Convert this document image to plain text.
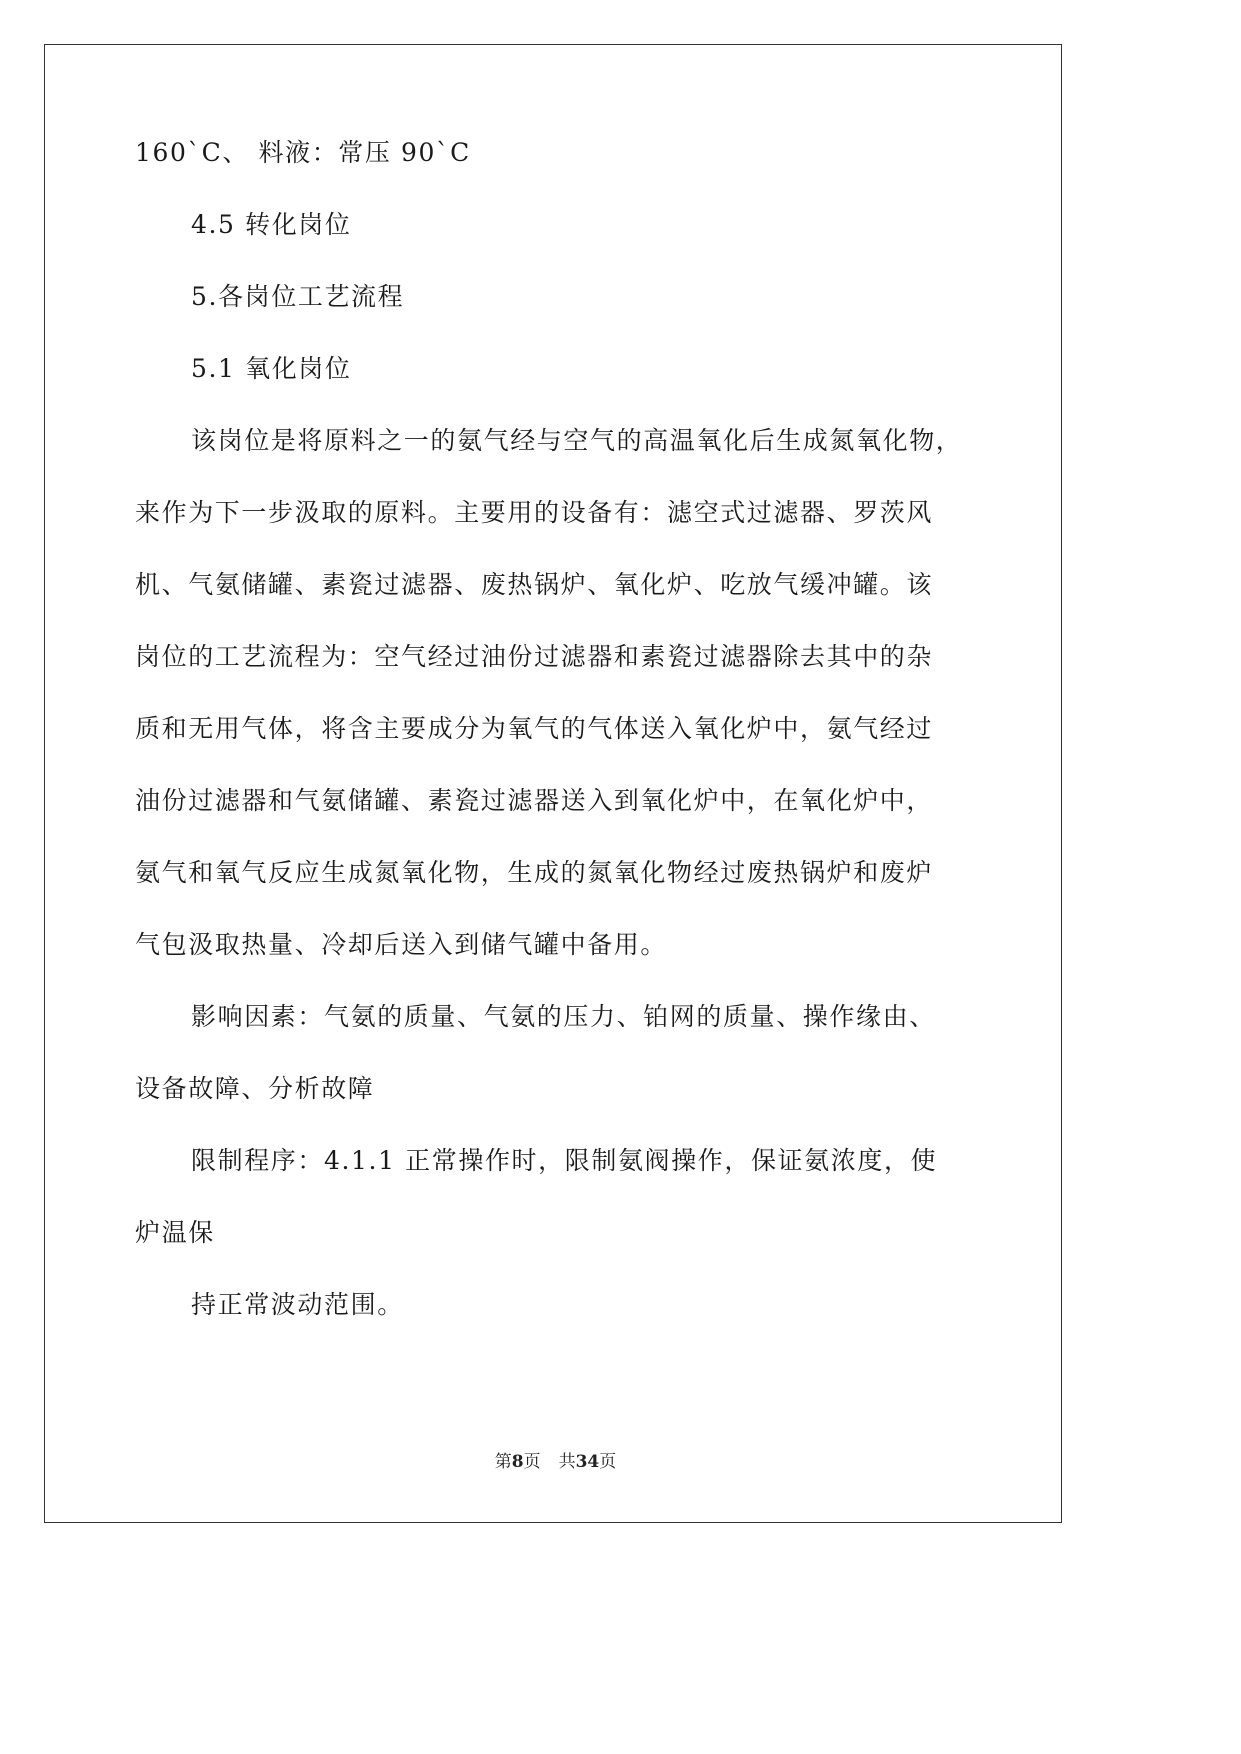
160`C、 料液：常压 90`C
4.5 转化岗位
5.各岗位工艺流程
5.1 氧化岗位
该岗位是将原料之一的氨气经与空气的高温氧化后生成氮氧化物，
来作为下一步汲取的原料。主要用的设备有：滤空式过滤器、罗茨风
机、气氨储罐、素瓷过滤器、废热锅炉、氧化炉、吃放气缓冲罐。该
岗位的工艺流程为：空气经过油份过滤器和素瓷过滤器除去其中的杂
质和无用气体，将含主要成分为氧气的气体送入氧化炉中，氨气经过
油份过滤器和气氨储罐、素瓷过滤器送入到氧化炉中，在氧化炉中，
氨气和氧气反应生成氮氧化物，生成的氮氧化物经过废热锅炉和废炉
气包汲取热量、冷却后送入到储气罐中备用。
影响因素：气氨的质量、气氨的压力、铂网的质量、操作缘由、
设备故障、分析故障
限制程序：4.1.1 正常操作时，限制氨阀操作，保证氨浓度，使
炉温保
持正常波动范围。
第8页 共34页
